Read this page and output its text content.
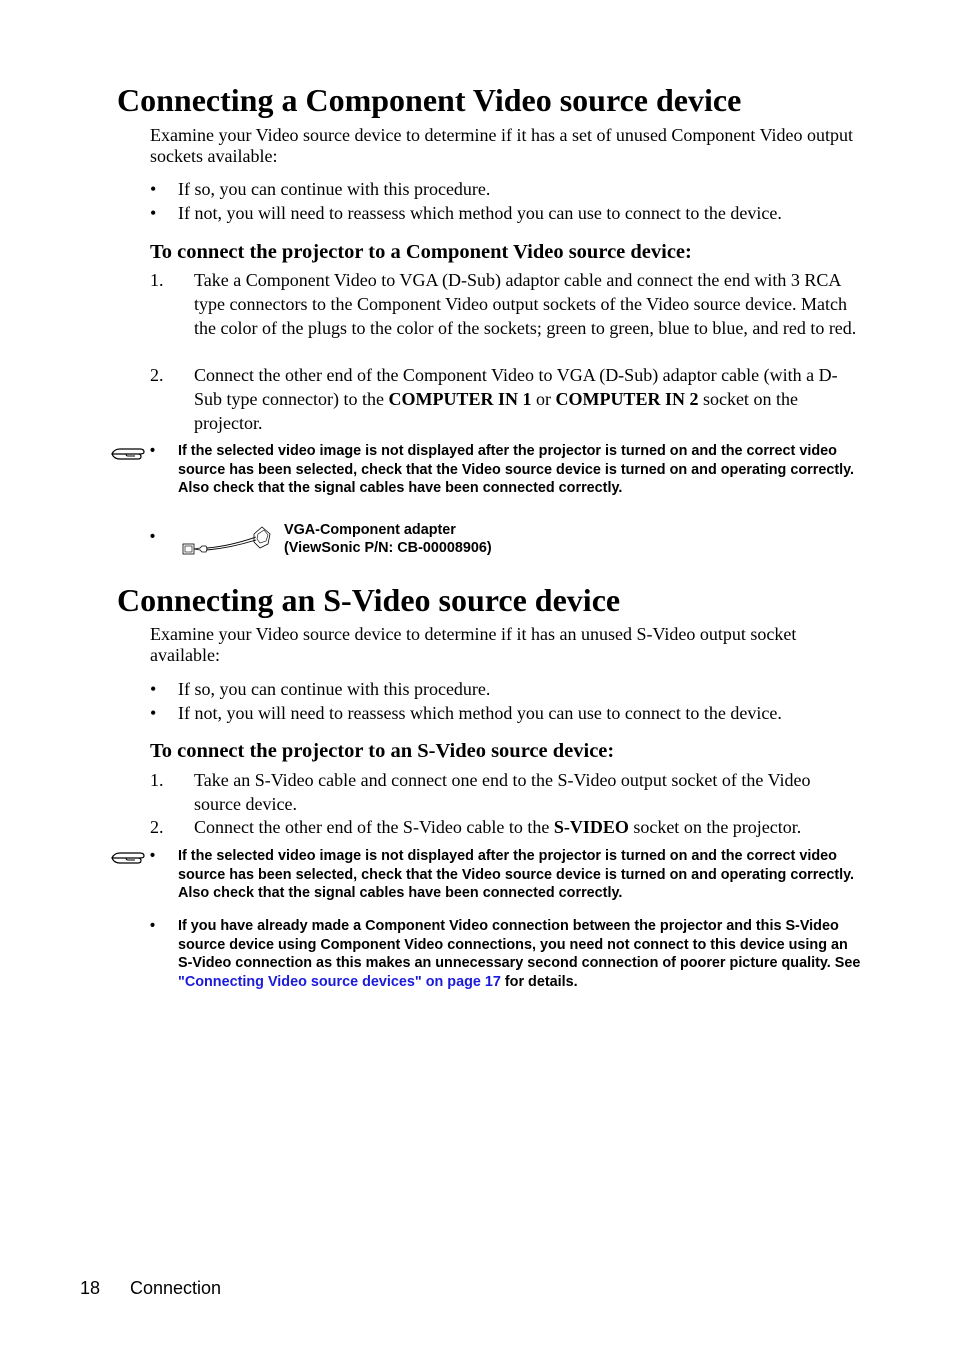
Connecting a Component Video source device

Examine your Video source device to determine if it has a set of unused Component Video output sockets available:

• If so, you can continue with this procedure.
• If not, you will need to reassess which method you can use to connect to the device.
To connect the projector to a Component Video source device:
1. Take a Component Video to VGA (D-Sub) adaptor cable and connect the end with 3 RCA type connectors to the Component Video output sockets of the Video source device. Match the color of the plugs to the color of the sockets; green to green, blue to blue, and red to red.
2. Connect the other end of the Component Video to VGA (D-Sub) adaptor cable (with a D-Sub type connector) to the COMPUTER IN 1 or COMPUTER IN 2 socket on the projector.
• If the selected video image is not displayed after the projector is turned on and the correct video source has been selected, check that the Video source device is turned on and operating correctly. Also check that the signal cables have been connected correctly.
•	VGA-Component adapter
(ViewSonic P/N: CB-00008906)
Connecting an S-Video source device

Examine your Video source device to determine if it has an unused S-Video output socket available:

• If so, you can continue with this procedure.
• If not, you will need to reassess which method you can use to connect to the device.
To connect the projector to an S-Video source device:
1. Take an S-Video cable and connect one end to the S-Video output socket of the Video source device.
2. Connect the other end of the S-Video cable to the S-VIDEO socket on the projector.
• If the selected video image is not displayed after the projector is turned on and the correct video source has been selected, check that the Video source device is turned on and operating correctly. Also check that the signal cables have been connected correctly.
• If you have already made a Component Video connection between the projector and this S-Video source device using Component Video connections, you need not connect to this device using an S-Video connection as this makes an unnecessary second connection of poorer picture quality. See "Connecting Video source devices" on page 17 for details.
18 Connection
